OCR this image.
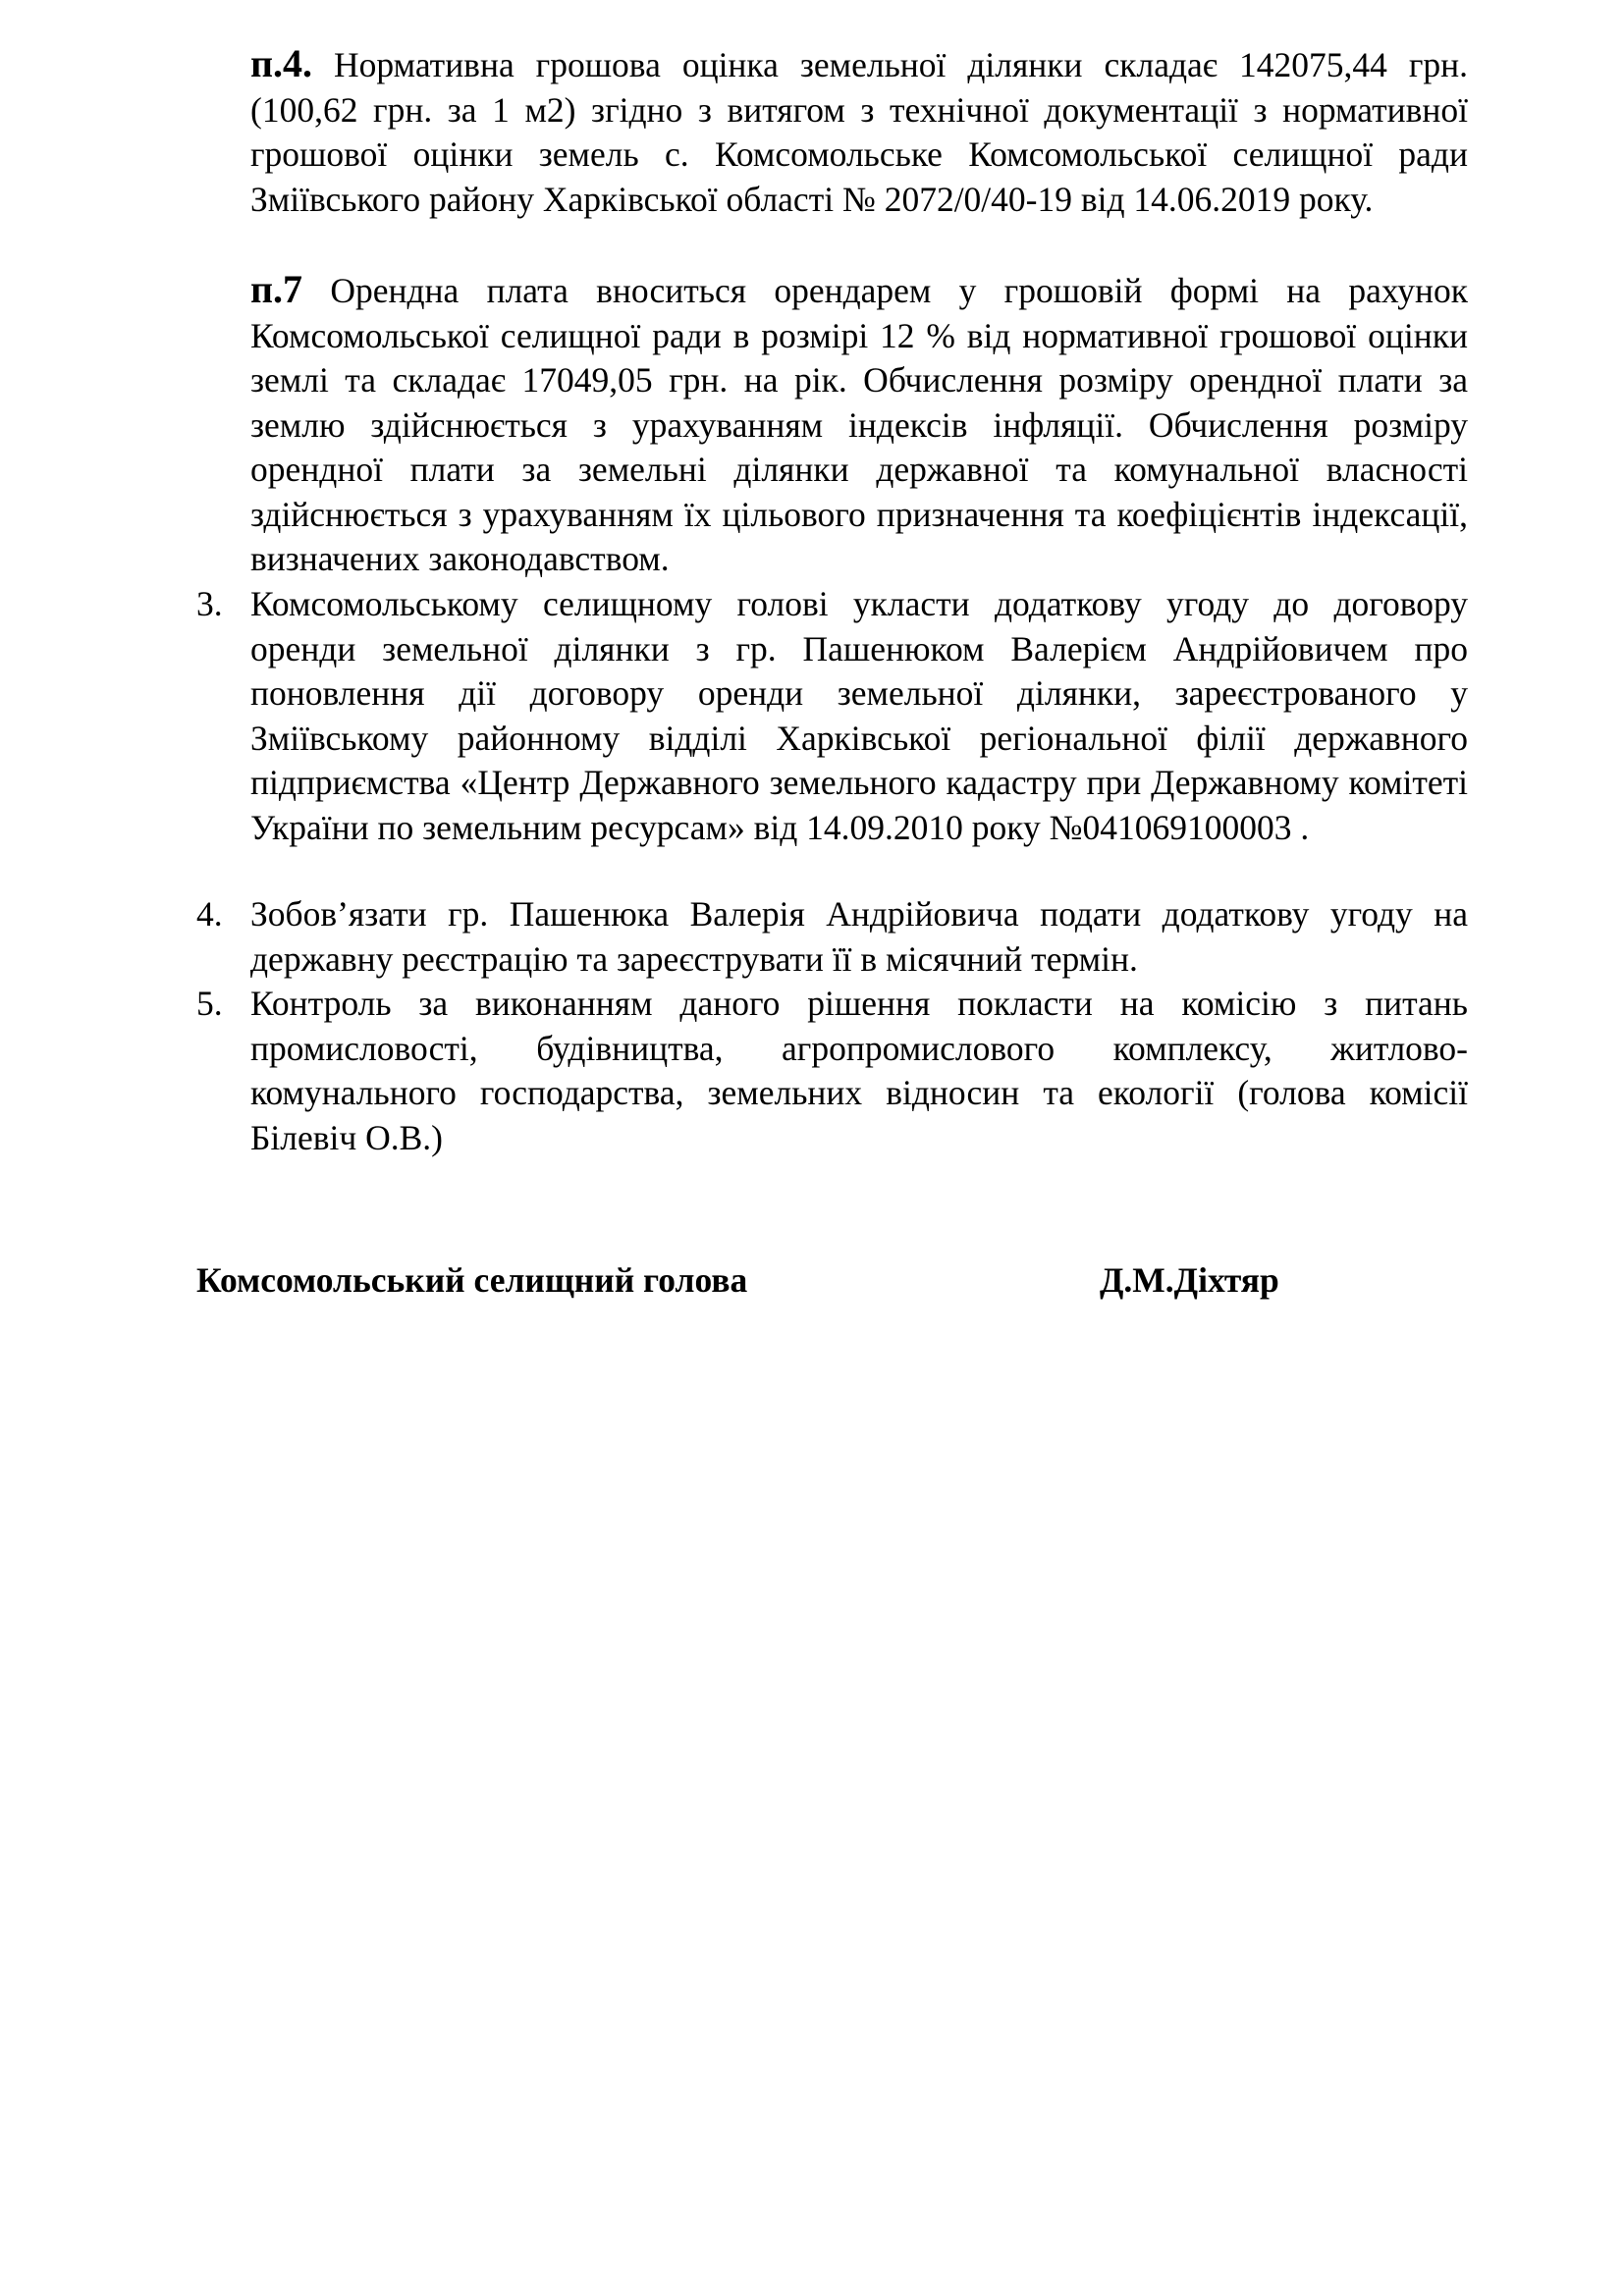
п.4. Нормативна грошова оцінка земельної ділянки складає 142075,44 грн. (100,62 грн. за 1 м2) згідно з витягом з технічної документації з нормативної грошової оцінки земель с. Комсомольське Комсомольської селищної ради Зміївського району Харківської області № 2072/0/40-19 від 14.06.2019 року.

п.7 Орендна плата вноситься орендарем у грошовій формі на рахунок Комсомольської селищної ради в розмірі 12 % від нормативної грошової оцінки землі та складає 17049,05 грн. на рік. Обчислення розміру орендної плати за землю здійснюється з урахуванням індексів інфляції. Обчислення розміру орендної плати за земельні ділянки державної та комунальної власності здійснюється з урахуванням їх цільового призначення та коефіцієнтів індексації, визначених законодавством.

3. Комсомольському селищному голові укласти додаткову угоду до договору оренди земельної ділянки з гр. Пашенюком Валерієм Андрійовичем про поновлення дії договору оренди земельної ділянки, зареєстрованого у Зміївському районному відділі Харківської регіональної філії державного підприємства «Центр Державного земельного кадастру при Державному комітеті України по земельним ресурсам» від 14.09.2010 року №041069100003 .
4. Зобов’язати гр. Пашенюка Валерія Андрійовича подати додаткову угоду на державну реєстрацію та зареєструвати її в місячний термін.
5. Контроль за виконанням даного рішення покласти на комісію з питань промисловості, будівництва, агропромислового комплексу, житлово-комунального господарства, земельних відносин та екології (голова комісії Білевіч О.В.)
Комсомольський селищний голова	Д.М.Діхтяр
